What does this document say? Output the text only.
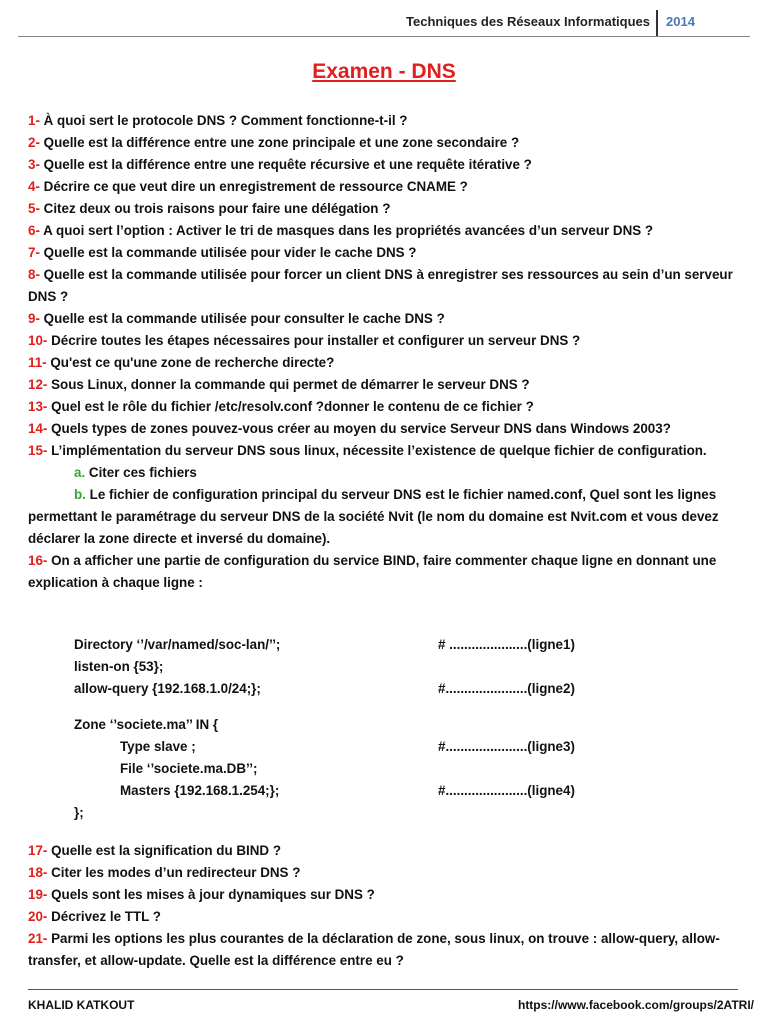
Techniques des Réseaux Informatiques 2014
Examen - DNS

1- À quoi sert le protocole DNS ? Comment fonctionne-t-il ?

2- Quelle est la différence entre une zone principale et une zone secondaire ?

3- Quelle est la différence entre une requête récursive et une requête itérative ?

4- Décrire ce que veut dire un enregistrement de ressource CNAME ?

5- Citez deux ou trois raisons pour faire une délégation ?

6- A quoi sert l’option : Activer le tri de masques dans les propriétés avancées d’un serveur DNS ?

7- Quelle est la commande utilisée pour vider le cache DNS ?

8- Quelle est la commande utilisée pour forcer un client DNS à enregistrer ses ressources au sein d’un serveur DNS ?

9- Quelle est la commande utilisée pour consulter le cache DNS ?

10- Décrire toutes les étapes nécessaires pour installer et configurer un serveur DNS ?

11- Qu'est ce qu'une zone de recherche directe?

12- Sous Linux, donner la commande qui permet de démarrer le serveur DNS ?

13- Quel est le rôle du fichier /etc/resolv.conf ?donner le contenu de ce fichier ?

14- Quels types de zones pouvez-vous créer au moyen du service Serveur DNS dans Windows 2003?

15- L’implémentation du serveur DNS sous linux, nécessite l’existence de quelque fichier de configuration.

a. Citer ces fichiers

b. Le fichier de configuration principal du serveur DNS est le fichier named.conf, Quel sont les lignes permettant le paramétrage du serveur DNS de la société Nvit (le nom du domaine est Nvit.com et vous devez déclarer la zone directe et inversé du domaine).

16- On a afficher une partie de configuration du service BIND, faire commenter chaque ligne en donnant une explication à chaque ligne :

Directory ‘’/var/named/soc-lan/’’;	# .....................(ligne1)
listen-on {53};
allow-query {192.168.1.0/24;};	#......................(ligne2)
Zone ‘’societe.ma’’ IN {
Type slave ;	#......................(ligne3)
File ‘’societe.ma.DB’’;
Masters {192.168.1.254;};	#......................(ligne4)
};

17- Quelle est la signification du BIND ?

18- Citer les modes d’un redirecteur DNS ?

19- Quels sont les mises à jour dynamiques sur DNS ?

20- Décrivez le TTL ?

21- Parmi les options les plus courantes de la déclaration de zone, sous linux, on trouve : allow-query, allow-transfer, et allow-update. Quelle est la différence entre eu ?

KHALID KATKOUT	https://www.facebook.com/groups/2ATRI/
